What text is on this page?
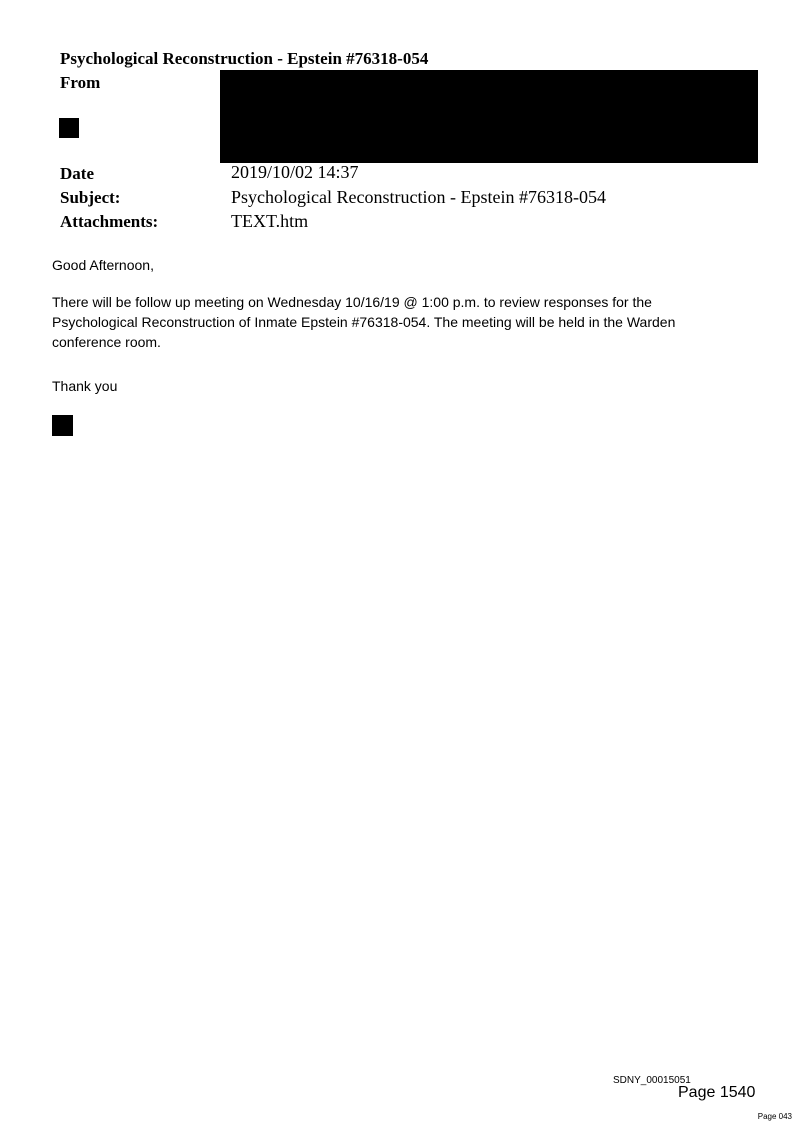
Psychological Reconstruction - Epstein #76318-054
From
Date	2019/10/02 14:37
Subject:	Psychological Reconstruction - Epstein #76318-054
Attachments:	TEXT.htm
Good Afternoon,
There will be follow up meeting on Wednesday 10/16/19 @ 1:00 p.m. to review responses for the
Psychological Reconstruction of Inmate Epstein #76318-054. The meeting will be held in the Warden
conference room.
Thank you
SDNY_00015051
Page 1540
Page 043
